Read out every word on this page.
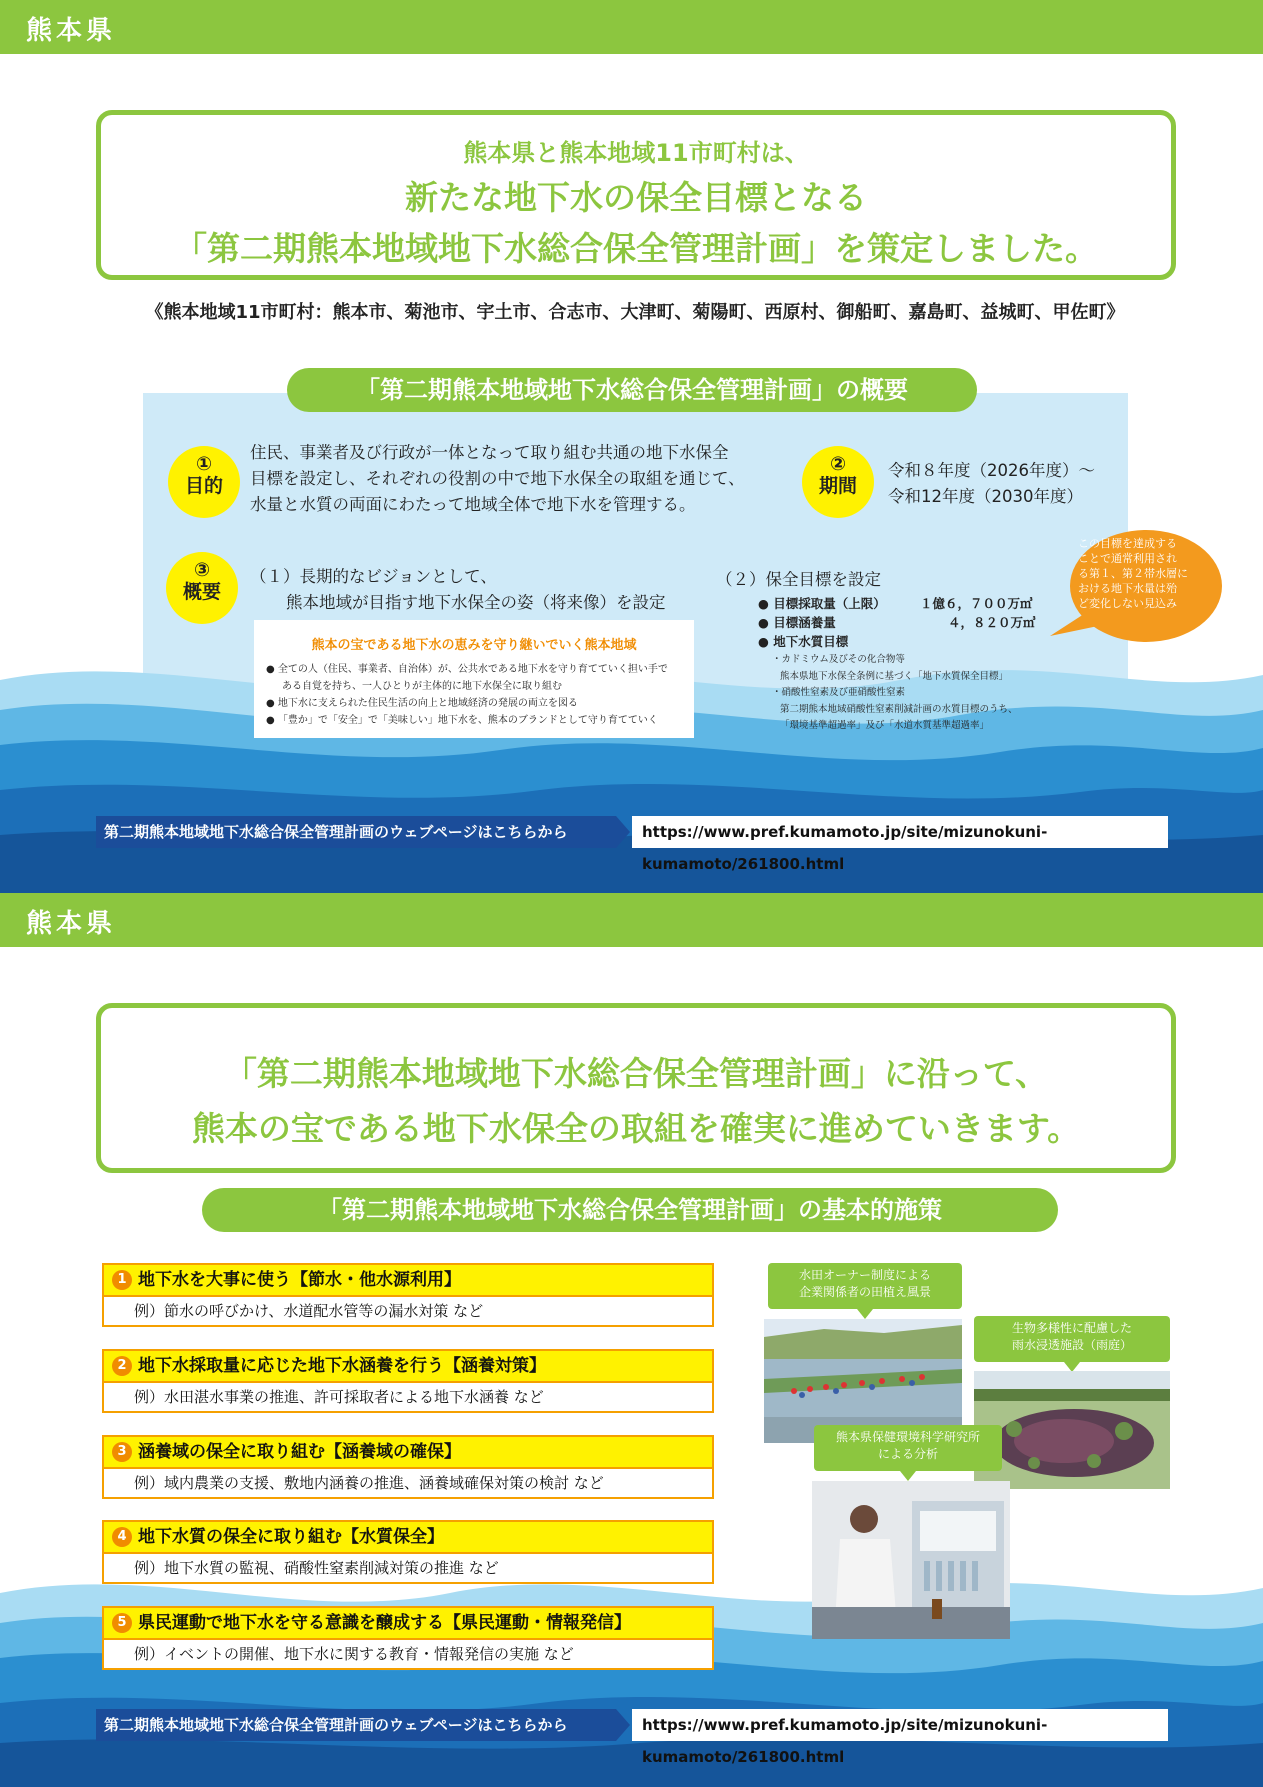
熊本県
熊本県と熊本地域11市町村は、
新たな地下水の保全目標となる
「第二期熊本地域地下水総合保全管理計画」を策定しました。
《熊本地域11市町村：熊本市、菊池市、宇土市、合志市、大津町、菊陽町、西原村、御船町、嘉島町、益城町、甲佐町》
「第二期熊本地域地下水総合保全管理計画」の概要
①
目的
住民、事業者及び行政が一体となって取り組む共通の地下水保全
目標を設定し、それぞれの役割の中で地下水保全の取組を通じて、
水量と水質の両面にわたって地域全体で地下水を管理する。
②
期間
令和８年度（2026年度）～
令和12年度（2030年度）
③
概要
（１）長期的なビジョンとして、
熊本地域が目指す地下水保全の姿（将来像）を設定
熊本の宝である地下水の恵みを守り継いでいく熊本地域
● 全ての人（住民、事業者、自治体）が、公共水である地下水を守り育てていく担い手で
ある自覚を持ち、一人ひとりが主体的に地下水保全に取り組む
● 地下水に支えられた住民生活の向上と地域経済の発展の両立を図る
● 「豊か」で「安全」で「美味しい」地下水を、熊本のブランドとして守り育てていく
（２）保全目標を設定
● 目標採取量（上限）	１億６，７００万㎥
● 目標涵養量	４，８２０万㎥
● 地下水質目標
・カドミウム及びその化合物等
熊本県地下水保全条例に基づく「地下水質保全目標」
・硝酸性窒素及び亜硝酸性窒素
第二期熊本地域硝酸性窒素削減計画の水質目標のうち、
「環境基準超過率」及び「水道水質基準超過率」
この目標を達成する
ことで通常利用され
る第１、第２帯水層に
おける地下水量は殆
ど変化しない見込み
第二期熊本地域地下水総合保全管理計画のウェブページはこちらから	https://www.pref.kumamoto.jp/site/mizunokuni-kumamoto/261800.html
熊本県
「第二期熊本地域地下水総合保全管理計画」に沿って、
熊本の宝である地下水保全の取組を確実に進めていきます。
「第二期熊本地域地下水総合保全管理計画」の基本的施策
1 地下水を大事に使う【節水・他水源利用】
例）節水の呼びかけ、水道配水管等の漏水対策 など
2 地下水採取量に応じた地下水涵養を行う【涵養対策】
例）水田湛水事業の推進、許可採取者による地下水涵養 など
3 涵養域の保全に取り組む【涵養域の確保】
例）域内農業の支援、敷地内涵養の推進、涵養域確保対策の検討 など
4 地下水質の保全に取り組む【水質保全】
例）地下水質の監視、硝酸性窒素削減対策の推進 など
5 県民運動で地下水を守る意識を醸成する【県民運動・情報発信】
例）イベントの開催、地下水に関する教育・情報発信の実施 など
水田オーナー制度による
企業関係者の田植え風景
生物多様性に配慮した
雨水浸透施設（雨庭）
熊本県保健環境科学研究所
による分析
第二期熊本地域地下水総合保全管理計画のウェブページはこちらから	https://www.pref.kumamoto.jp/site/mizunokuni-kumamoto/261800.html
